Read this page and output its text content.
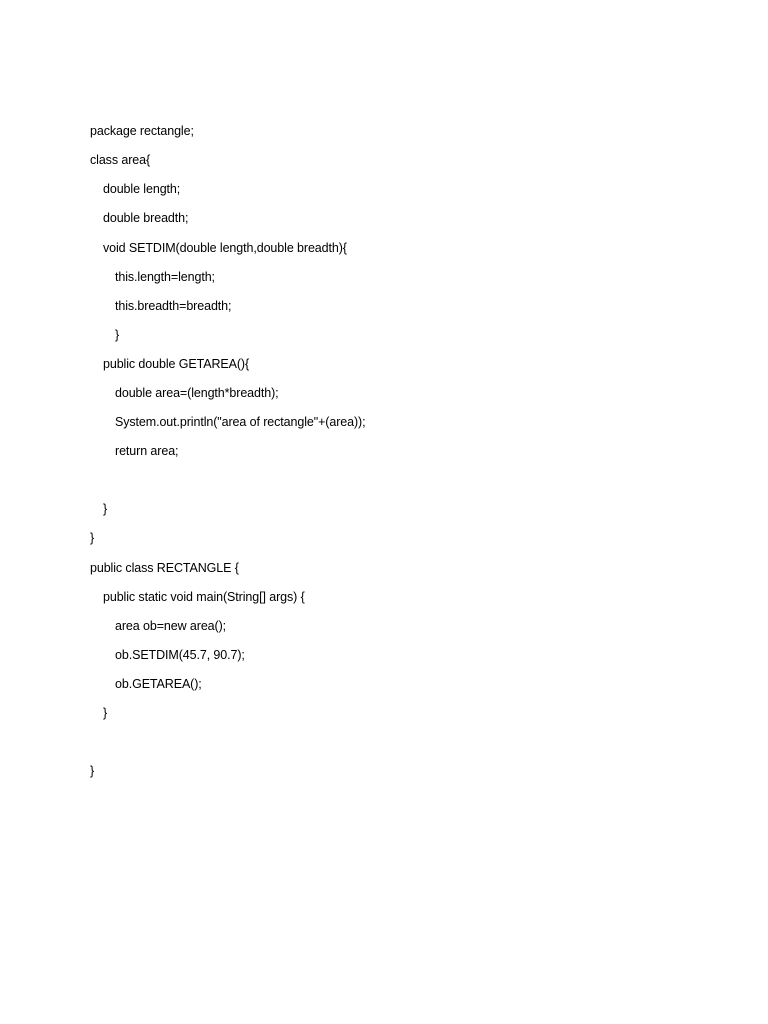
package rectangle;
class area{
double length;
double breadth;
void SETDIM(double length,double breadth){
this.length=length;
this.breadth=breadth;
}
public double GETAREA(){
double area=(length*breadth);
System.out.println("area of rectangle"+(area));
return area;
}
}
public class RECTANGLE {
public static void main(String[] args) {
area ob=new area();
ob.SETDIM(45.7, 90.7);
ob.GETAREA();
}
}
